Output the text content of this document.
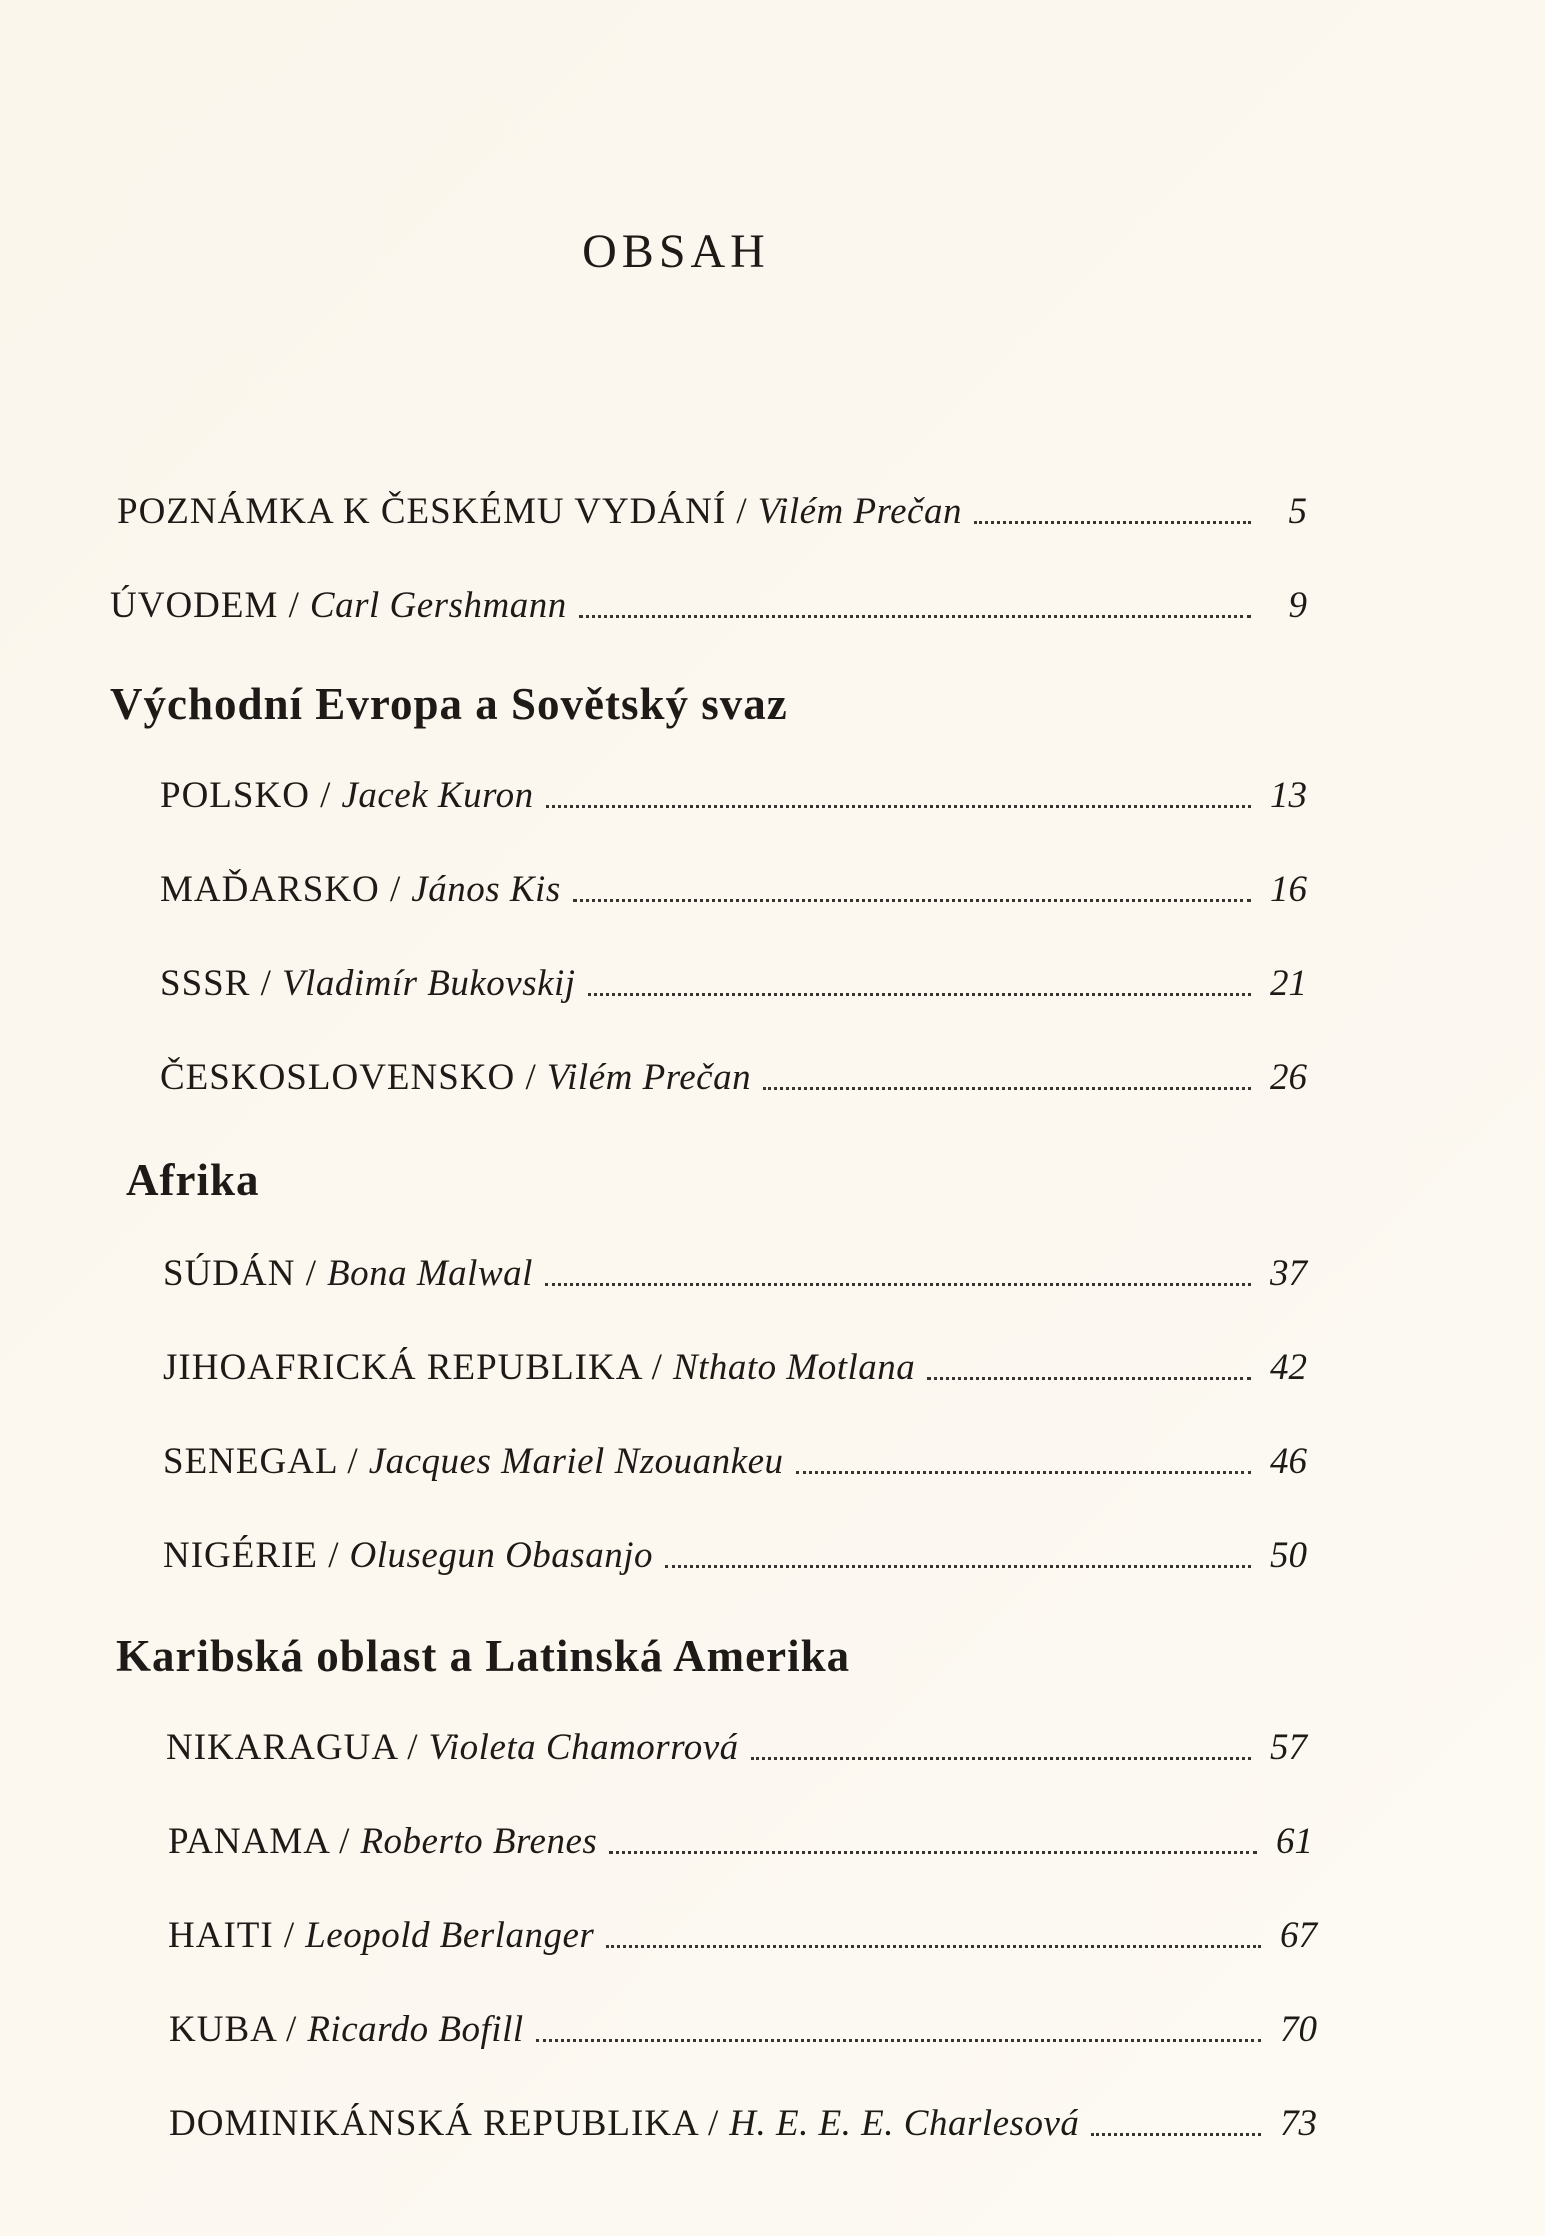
OBSAH
POZNÁMKA K ČESKÉMU VYDÁNÍ / Vilém Prečan	5
ÚVODEM / Carl Gershmann	9
Východní Evropa a Sovětský svaz
POLSKO / Jacek Kuron	13
MAĎARSKO / János Kis	16
SSSR / Vladimír Bukovskij	21
ČESKOSLOVENSKO / Vilém Prečan	26
Afrika
SÚDÁN / Bona Malwal	37
JIHOAFRICKÁ REPUBLIKA / Nthato Motlana	42
SENEGAL / Jacques Mariel Nzouankeu	46
NIGÉRIE / Olusegun Obasanjo	50
Karibská oblast a Latinská Amerika
NIKARAGUA / Violeta Chamorrová	57
PANAMA / Roberto Brenes	61
HAITI / Leopold Berlanger	67
KUBA / Ricardo Bofill	70
DOMINIKÁNSKÁ REPUBLIKA / H. E. E. E. Charlesová	73
